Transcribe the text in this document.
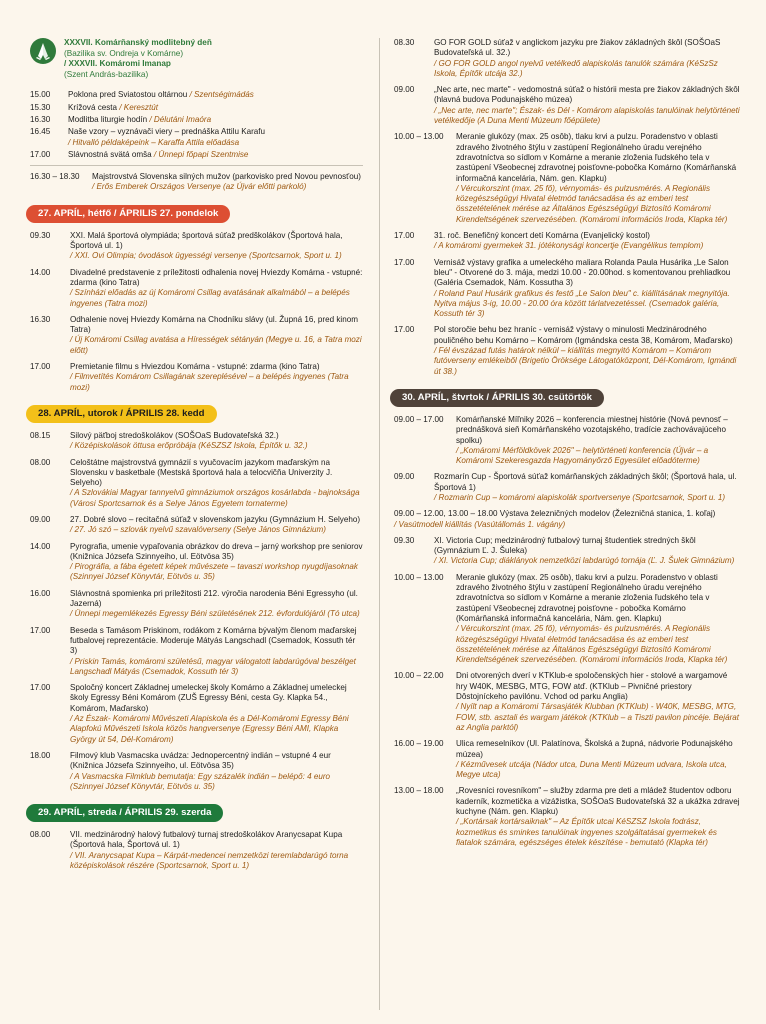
XXXVII. Komárňanský modlitebný deň
(Bazilika sv. Ondreja v Komárne)
/ XXXVII. Komáromi Imanap
(Szent András-bazilika)
15.00	Poklona pred Sviatostou oltárnou / Szentségimádás
15.30	Krížová cesta / Keresztút
16.30	Modlitba liturgie hodín / Délutáni Imaóra
16.45	Naše vzory – vyznávači viery – prednáška Attilu Karafu
/ Hitvalló példaképeink – Karaffa Attila előadása
17.00	Slávnostná svätá omša / Ünnepi főpapi Szentmise
16.30 – 18.30	Majstrovstvá Slovenska silných mužov (parkovisko pred Novou pevnosťou)
/ Erős Emberek Országos Versenye (az Újvár előtti parkoló)
27. APRÍL, hétfő / ÁPRILIS 27. pondelok
09.30	XXI. Malá športová olympiáda; športová súťaž predškolákov (Športová hala, Športová ul. 1)
/ XXI. Ovi Olimpia; óvodások ügyességi versenye (Sportcsarnok, Sport u. 1)
14.00	Divadelné predstavenie z príležitosti odhalenia novej Hviezdy Komárna - vstupné: zdarma (kino Tatra)
/ Színházi előadás az új Komáromi Csillag avatásának alkalmából – a belépés ingyenes (Tatra mozi)
16.30	Odhalenie novej Hviezdy Komárna na Chodníku slávy (ul. Župná 16, pred kinom Tatra)
/ Új Komáromi Csillag avatása a Hírességek sétányán (Megye u. 16, a Tatra mozi előtt)
17.00	Premietanie filmu s Hviezdou Komárna - vstupné: zdarma (kino Tatra)
/ Filmvetítés Komárom Csillagának szereplésével – a belépés ingyenes (Tatra mozi)
28. APRÍL, utorok / ÁPRILIS 28. kedd
08.15	Silový päťboj stredoškolákov (SOŠOaS Budovateľská 32.)
/ Középiskolások öttusa erőpróbája (KéSZSZ Iskola, Építők u. 32.)
08.00	Celoštátne majstrovstvá gymnázií s vyučovacím jazykom maďarským na Slovensku v basketbale (Mestská športová hala a telocvičňa Univerzity J. Selyeho)
/ A Szlovákiai Magyar tannyelvű gimnáziumok országos kosárlabda - bajnoksága (Városi Sportcsarnok és a Selye János Egyetem tornaterme)
09.00	27. Dobré slovo – recitačná súťaž v slovenskom jazyku (Gymnázium H. Selyeho)
/ 27. Jó szó – szlovák nyelvű szavalóverseny (Selye János Gimnázium)
14.00	Pyrografia, umenie vypaľovania obrázkov do dreva – jarný workshop pre seniorov (Knižnica Józsefa Szinnyeiho, ul. Eötvösa 35)
/ Pirográfia, a fába égetett képek művészete – tavaszi workshop nyugdíjasoknak (Szinnyei József Könyvtár, Eötvös u. 35)
16.00	Slávnostná spomienka pri príležitosti 212. výročia narodenia Béni Egressyho (ul. Jazerná)
/ Ünnepi megemlékezés Egressy Béni születésének 212. évfordulójáról (Tó utca)
17.00	Beseda s Tamásom Priskinom, rodákom z Komárna bývalým členom maďarskej futbalovej reprezentácie. Moderuje Mátyás Langschadl (Csemadok, Kossuth tér 3)
/ Priskin Tamás, komáromi születésű, magyar válogatott labdarúgóval beszélget Langschadl Mátyás (Csemadok, Kossuth tér 3)
17.00	Spoločný koncert Základnej umeleckej školy Komárno a Základnej umeleckej školy Egressy Béni Komárom (ZUŠ Egressy Béni, cesta Gy. Klapka 54., Komárom, Maďarsko)
/ Az Észak- Komáromi Művészeti Alapiskola és a Dél-Komáromi Egressy Béni Alapfokú Művészeti Iskola közös hangversenye (Egressy Béni AMI, Klapka György út 54, Dél-Komárom)
18.00	Filmový klub Vasmacska uvádza: Jednopercentný indián – vstupné 4 eur (Knižnica Józsefa Szinnyeiho, ul. Eötvösa 35)
/ A Vasmacska Filmklub bemutatja: Egy százalék indián – belépő: 4 euro (Szinnyei József Könyvtár, Eötvös u. 35)
29. APRÍL, streda / ÁPRILIS 29. szerda
08.00	VII. medzinárodný halový futbalový turnaj stredoškolákov Aranycsapat Kupa (Športová hala, Športová ul. 1)
/ VII. Aranycsapat Kupa – Kárpát-medencei nemzetközi teremlabdarúgó torna középiskolások részére (Sportcsarnok, Sport u. 1)
08.30	GO FOR GOLD súťaž v anglickom jazyku pre žiakov základných škôl (SOŠOaS Budovateľská ul. 32.)
/ GO FOR GOLD angol nyelvű vetélkedő alapiskolás tanulók számára (KéSzSz Iskola, Építők utcája 32.)
09.00	„Nec arte, nec marte" - vedomostná súťaž o histórii mesta pre žiakov základných škôl (hlavná budova Podunajského múzea)
/ „Nec arte, nec marte"; Észak- és Dél - Komárom alapiskolás tanulóinak helytörténeti vetélkedője (A Duna Menti Múzeum főépülete)
10.00 – 13.00	Meranie glukózy (max. 25 osôb), tlaku krvi a pulzu. Poradenstvo v oblasti zdravého životného štýlu v zastúpení Regionálneho úradu verejného zdravotníctva so sídlom v Komárne a meranie zloženia ľudského tela v zastúpení Všeobecnej zdravotnej poisťovne-pobočka Komárno (Komárňanská informačná kancelária, Nám. gen. Klapku)
/ Vércukorszint (max. 25 fő), vérnyomás- és pulzusmérés. A Regionális közegészségügyi Hivatal életmód tanácsadása és az emberi test összetételének mérése az Általános Egészségügyi Biztosító Komáromi Kirendeltségének szervezésében. (Komáromi információs Iroda, Klapka tér)
17.00	31. roč. Benefičný koncert detí Komárna (Evanjelický kostol)
/ A komáromi gyermekek 31. jótékonysági koncertje (Evangélikus templom)
17.00	Vernisáž výstavy grafika a umeleckého maliara Rolanda Paula Husárika „Le Salon bleu" - Otvorené do 3. mája, medzi 10.00 - 20.00hod. s komentovanou prehliadkou (Galéria Csemadok, Nám. Kossutha 3)
/ Roland Paul Husárik grafikus és festő „Le Salon bleu" c. kiállításának megnyitója. Nyitva május 3-ig, 10.00 - 20.00 óra között tárlatvezetéssel. (Csemadok galéria, Kossuth tér 3)
17.00	Pol storočie behu bez hraníc - vernisáž výstavy o minulosti Medzinárodného pouličného behu Komárno – Komárom (Igmándska cesta 38, Komárom, Maďarsko)
/ Fél évszázad futás határok nélkül – kiállítás megnyitó Komárom – Komárom futóverseny emlékeiből (Brigetio Öröksége Látogatóközpont, Dél-Komárom, Igmándi út 38.)
30. APRÍL, štvrtok / ÁPRILIS 30. csütörtök
09.00 – 17.00	Komárňanské Míľniky 2026 – konferencia miestnej histórie (Nová pevnosť – prednášková sieň Komárňanského vozotajského, tradície zachovávajúceho spolku)
/ „Komáromi Mérföldkövek 2026" – helytörténeti konferencia (Újvár – a Komáromi Szekeresgazda Hagyományőrző Egyesület előadóterme)
09.00	Rozmarín Cup - Športová súťaž komárňanských základných škôl; (Športová hala, ul. Športová 1)
/ Rozmarin Cup – komáromi alapiskolák sportversenye (Sportcsarnok, Sport u. 1)
09.00 – 12.00, 13.00 – 18.00 Výstava železničných modelov (Železničná stanica, 1. koľaj)
/ Vasútmodell kiállítás (Vasútállomás 1. vágány)
09.30	XI. Victoria Cup; medzinárodný futbalový turnaj študentiek stredných škôl (Gymnázium Ľ. J. Šuleka)
/ XI. Victoria Cup; diáklányok nemzetközi labdarúgó tornája (Ľ. J. Šulek Gimnázium)
10.00 – 13.00	Meranie glukózy (max. 25 osôb), tlaku krvi a pulzu. Poradenstvo v oblasti zdravého životného štýlu v zastúpení Regionálneho úradu verejného zdravotníctva so sídlom v Komárne a meranie zloženia ľudského tela v zastúpení Všeobecnej zdravotnej poisťovne - pobočka Komárno (Komárňanská informačná kancelária, Nám. gen. Klapku)
/ Vércukorszint (max. 25 fő), vérnyomás- és pulzusmérés. A Regionális közegészségügyi Hivatal életmód tanácsadása és az emberi test összetételének mérése az Általános Egészségügyi Biztosító Komáromi Kirendeltségének szervezésében. (Komáromi információs Iroda, Klapka tér)
10.00 – 22.00	Dni otvorených dverí v KTKlub-e spoločenských hier - stolové a wargamové hry W40K, MESBG, MTG, FOW atď. (KTKlub – Pivničné priestory Dôstojníckeho pavilónu. Vchod od parku Anglia)
/ Nyílt nap a Komáromi Társasjáték Klubban (KTKlub) - W40K, MESBG, MTG, FOW, stb. asztali és wargam játékok (KTKlub – a Tiszti pavilon pincéje. Bejárat az Anglia parktól)
16.00 – 19.00	Ulica remeselníkov (Ul. Palatínova, Školská a župná, nádvorie Podunajského múzea)
/ Kézművesek utcája (Nádor utca, Duna Menti Múzeum udvara, Iskola utca, Megye utca)
13.00 – 18.00	„Rovesníci rovesníkom" – služby zdarma pre deti a mládež študentov odboru kaderník, kozmetička a vizážistka, SOŠOaS Budovateľská 32 a ukážka zdravej kuchyne (Nám. gen. Klapku)
/ „Kortársak kortársaiknak" – Az Építők utcai KéSZSZ Iskola fodrász, kozmetikus és sminkes tanulóinak ingyenes szolgáltatásai gyermekek és fiatalok számára, egészséges ételek készítése - bemutató (Klapka tér)
